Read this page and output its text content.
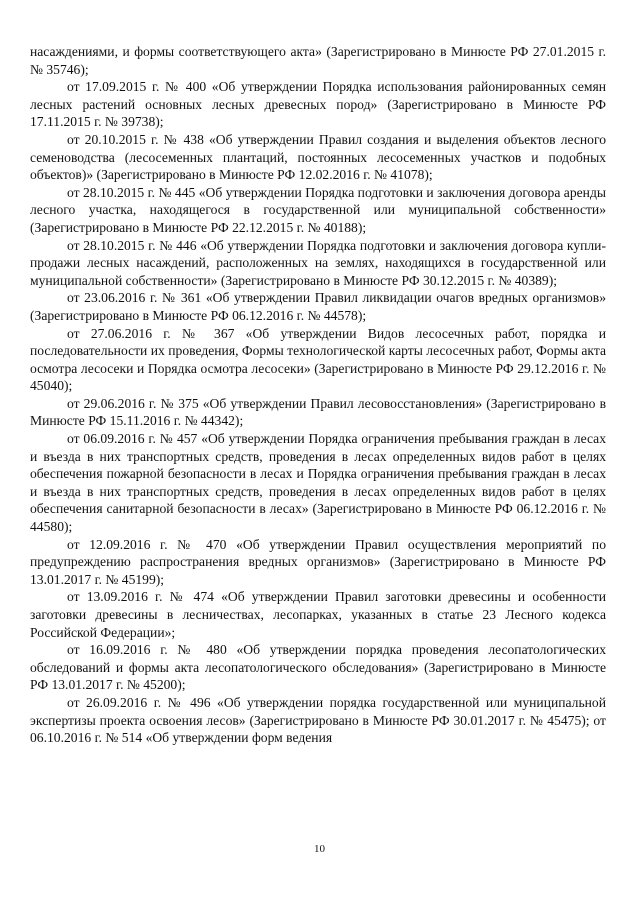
насаждениями, и формы соответствующего акта» (Зарегистрировано в Минюсте РФ 27.01.2015 г. № 35746);

от 17.09.2015 г. № 400 «Об утверждении Порядка использования районированных семян лесных растений основных лесных древесных пород» (Зарегистрировано в Минюсте РФ 17.11.2015 г. № 39738);

от 20.10.2015 г. № 438 «Об утверждении Правил создания и выделения объектов лесного семеноводства (лесосеменных плантаций, постоянных лесосеменных участков и подобных объектов)» (Зарегистрировано в Минюсте РФ 12.02.2016 г. № 41078);

от 28.10.2015 г. № 445 «Об утверждении Порядка подготовки и заключения договора аренды лесного участка, находящегося в государственной или муниципальной собственности» (Зарегистрировано в Минюсте РФ 22.12.2015 г. № 40188);

от 28.10.2015 г. № 446 «Об утверждении Порядка подготовки и заключения договора купли-продажи лесных насаждений, расположенных на землях, находящихся в государственной или муниципальной собственности» (Зарегистрировано в Минюсте РФ 30.12.2015 г. № 40389);

от 23.06.2016 г. № 361 «Об утверждении Правил ликвидации очагов вредных организмов» (Зарегистрировано в Минюсте РФ 06.12.2016 г. № 44578);

от 27.06.2016 г. № 367 «Об утверждении Видов лесосечных работ, порядка и последовательности их проведения, Формы технологической карты лесосечных работ, Формы акта осмотра лесосеки и Порядка осмотра лесосеки» (Зарегистрировано в Минюсте РФ 29.12.2016 г. № 45040);

от 29.06.2016 г. № 375 «Об утверждении Правил лесовосстановления» (Зарегистрировано в Минюсте РФ 15.11.2016 г. № 44342);

от 06.09.2016 г. № 457 «Об утверждении Порядка ограничения пребывания граждан в лесах и въезда в них транспортных средств, проведения в лесах определенных видов работ в целях обеспечения пожарной безопасности в лесах и Порядка ограничения пребывания граждан в лесах и въезда в них транспортных средств, проведения в лесах определенных видов работ в целях обеспечения санитарной безопасности в лесах» (Зарегистрировано в Минюсте РФ 06.12.2016 г. № 44580);

от 12.09.2016 г. № 470 «Об утверждении Правил осуществления мероприятий по предупреждению распространения вредных организмов» (Зарегистрировано в Минюсте РФ 13.01.2017 г. № 45199);

от 13.09.2016 г. № 474 «Об утверждении Правил заготовки древесины и особенности заготовки древесины в лесничествах, лесопарках, указанных в статье 23 Лесного кодекса Российской Федерации»;

от 16.09.2016 г. № 480 «Об утверждении порядка проведения лесопатологических обследований и формы акта лесопатологического обследования» (Зарегистрировано в Минюсте РФ 13.01.2017 г. № 45200);

от 26.09.2016 г. № 496 «Об утверждении порядка государственной или муниципальной экспертизы проекта освоения лесов» (Зарегистрировано в Минюсте РФ 30.01.2017 г. № 45475); от 06.10.2016 г. № 514 «Об утверждении форм ведения

10
